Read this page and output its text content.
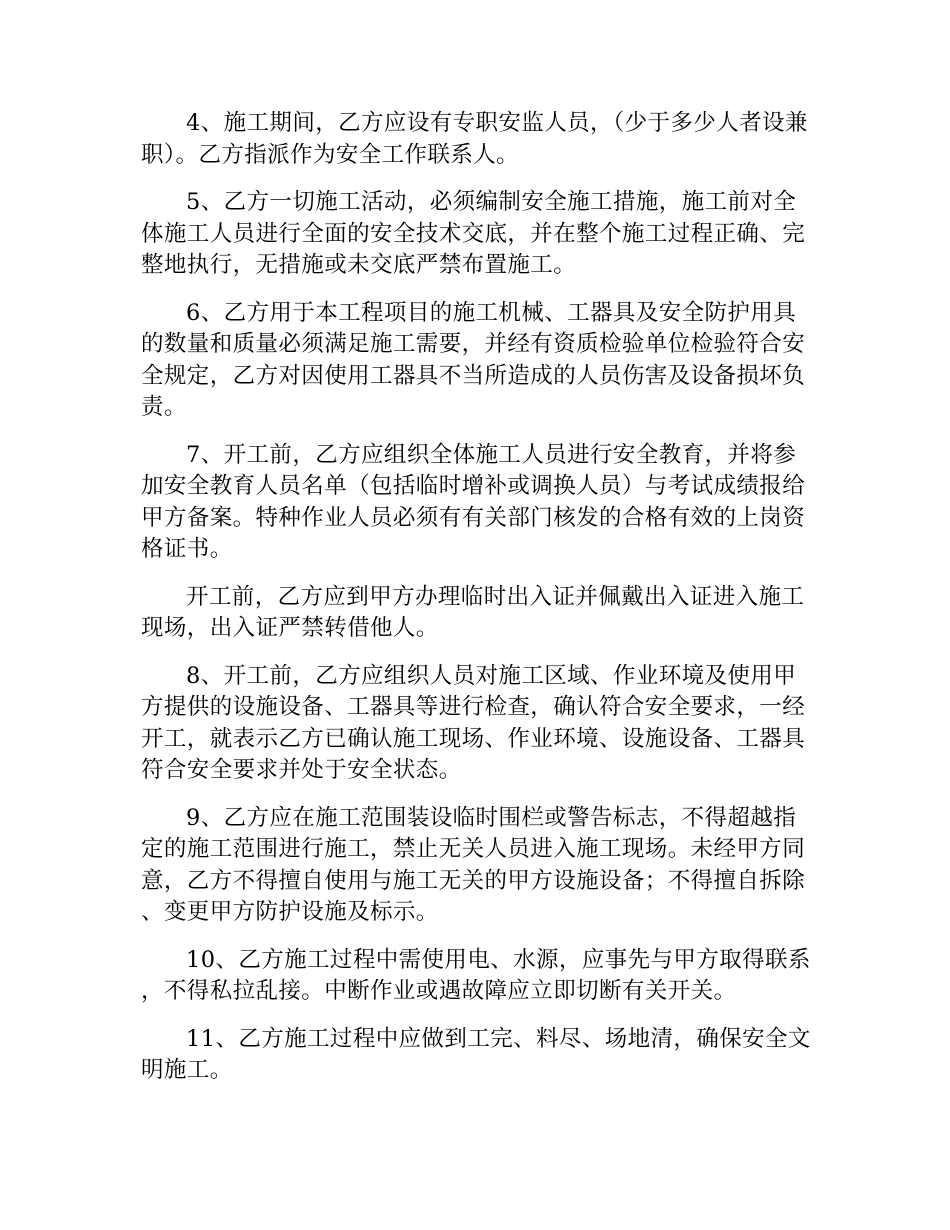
4、施工期间，乙方应设有专职安监人员，（少于多少人者设兼职）。乙方指派作为安全工作联系人。

5、乙方一切施工活动，必须编制安全施工措施，施工前对全体施工人员进行全面的安全技术交底，并在整个施工过程正确、完整地执行，无措施或未交底严禁布置施工。

6、乙方用于本工程项目的施工机械、工器具及安全防护用具的数量和质量必须满足施工需要，并经有资质检验单位检验符合安全规定，乙方对因使用工器具不当所造成的人员伤害及设备损坏负责。

7、开工前，乙方应组织全体施工人员进行安全教育，并将参加安全教育人员名单（包括临时增补或调换人员）与考试成绩报给甲方备案。特种作业人员必须有有关部门核发的合格有效的上岗资格证书。

开工前，乙方应到甲方办理临时出入证并佩戴出入证进入施工现场，出入证严禁转借他人。

8、开工前，乙方应组织人员对施工区域、作业环境及使用甲方提供的设施设备、工器具等进行检查，确认符合安全要求，一经开工，就表示乙方已确认施工现场、作业环境、设施设备、工器具符合安全要求并处于安全状态。

9、乙方应在施工范围装设临时围栏或警告标志，不得超越指定的施工范围进行施工，禁止无关人员进入施工现场。未经甲方同意，乙方不得擅自使用与施工无关的甲方设施设备；不得擅自拆除、变更甲方防护设施及标示。

10、乙方施工过程中需使用电、水源，应事先与甲方取得联系，不得私拉乱接。中断作业或遇故障应立即切断有关开关。

11、乙方施工过程中应做到工完、料尽、场地清，确保安全文明施工。
